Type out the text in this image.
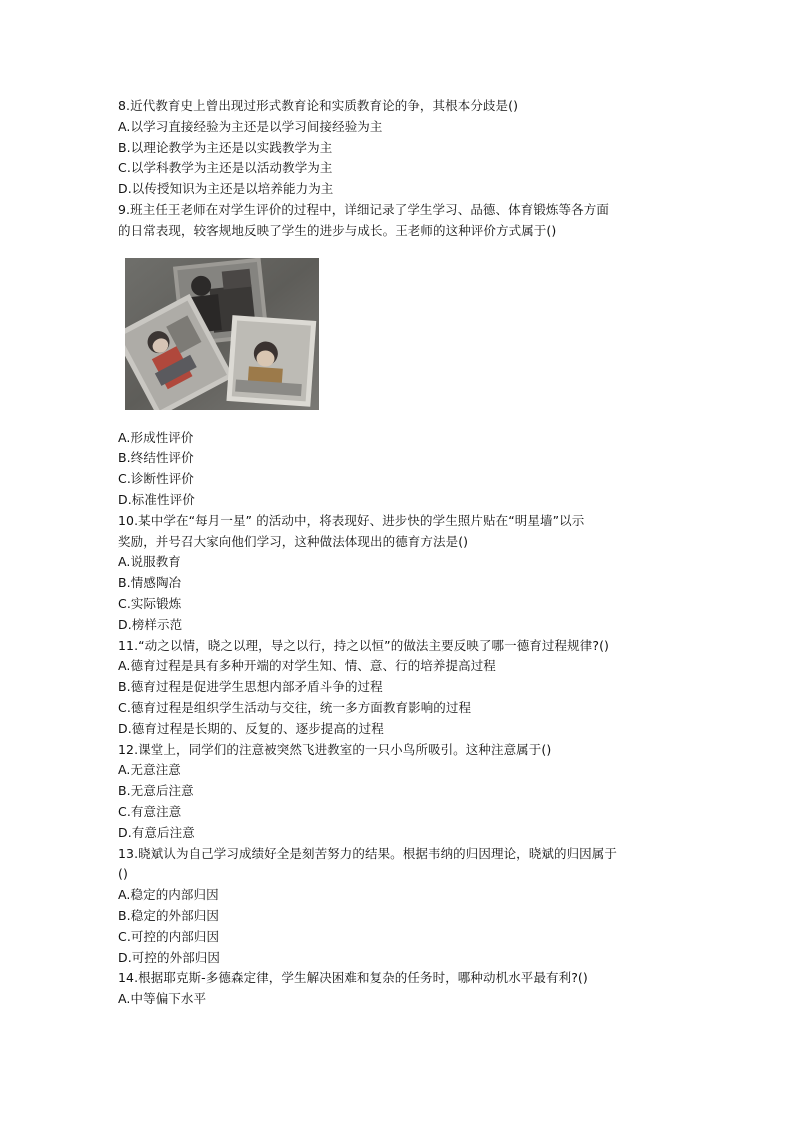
8.近代教育史上曾出现过形式教育论和实质教育论的争，其根本分歧是()
A.以学习直接经验为主还是以学习间接经验为主
B.以理论教学为主还是以实践教学为主
C.以学科教学为主还是以活动教学为主
D.以传授知识为主还是以培养能力为主
9.班主任王老师在对学生评价的过程中，详细记录了学生学习、品德、体育锻炼等各方面
的日常表现，较客规地反映了学生的进步与成长。王老师的这种评价方式属于()
A.形成性评价
B.终结性评价
C.诊断性评价
D.标准性评价
10.某中学在“每月一星” 的活动中，将表现好、进步快的学生照片贴在“明星墙”以示
奖励，并号召大家向他们学习，这种做法体现出的德育方法是()
A.说服教育
B.情感陶冶
C.实际锻炼
D.榜样示范
11.“动之以情，晓之以理，导之以行，持之以恒”的做法主要反映了哪一德育过程规律?()
A.德育过程是具有多种开端的对学生知、情、意、行的培养提高过程
B.德育过程是促进学生思想内部矛盾斗争的过程
C.德育过程是组织学生活动与交往，统一多方面教育影响的过程
D.德育过程是长期的、反复的、逐步提高的过程
12.课堂上，同学们的注意被突然飞进教室的一只小鸟所吸引。这种注意属于()
A.无意注意
B.无意后注意
C.有意注意
D.有意后注意
13.晓斌认为自己学习成绩好全是刻苦努力的结果。根据韦纳的归因理论，晓斌的归因属于
()
A.稳定的内部归因
B.稳定的外部归因
C.可控的内部归因
D.可控的外部归因
14.根据耶克斯-多德森定律，学生解决困难和复杂的任务时，哪种动机水平最有利?()
A.中等偏下水平
